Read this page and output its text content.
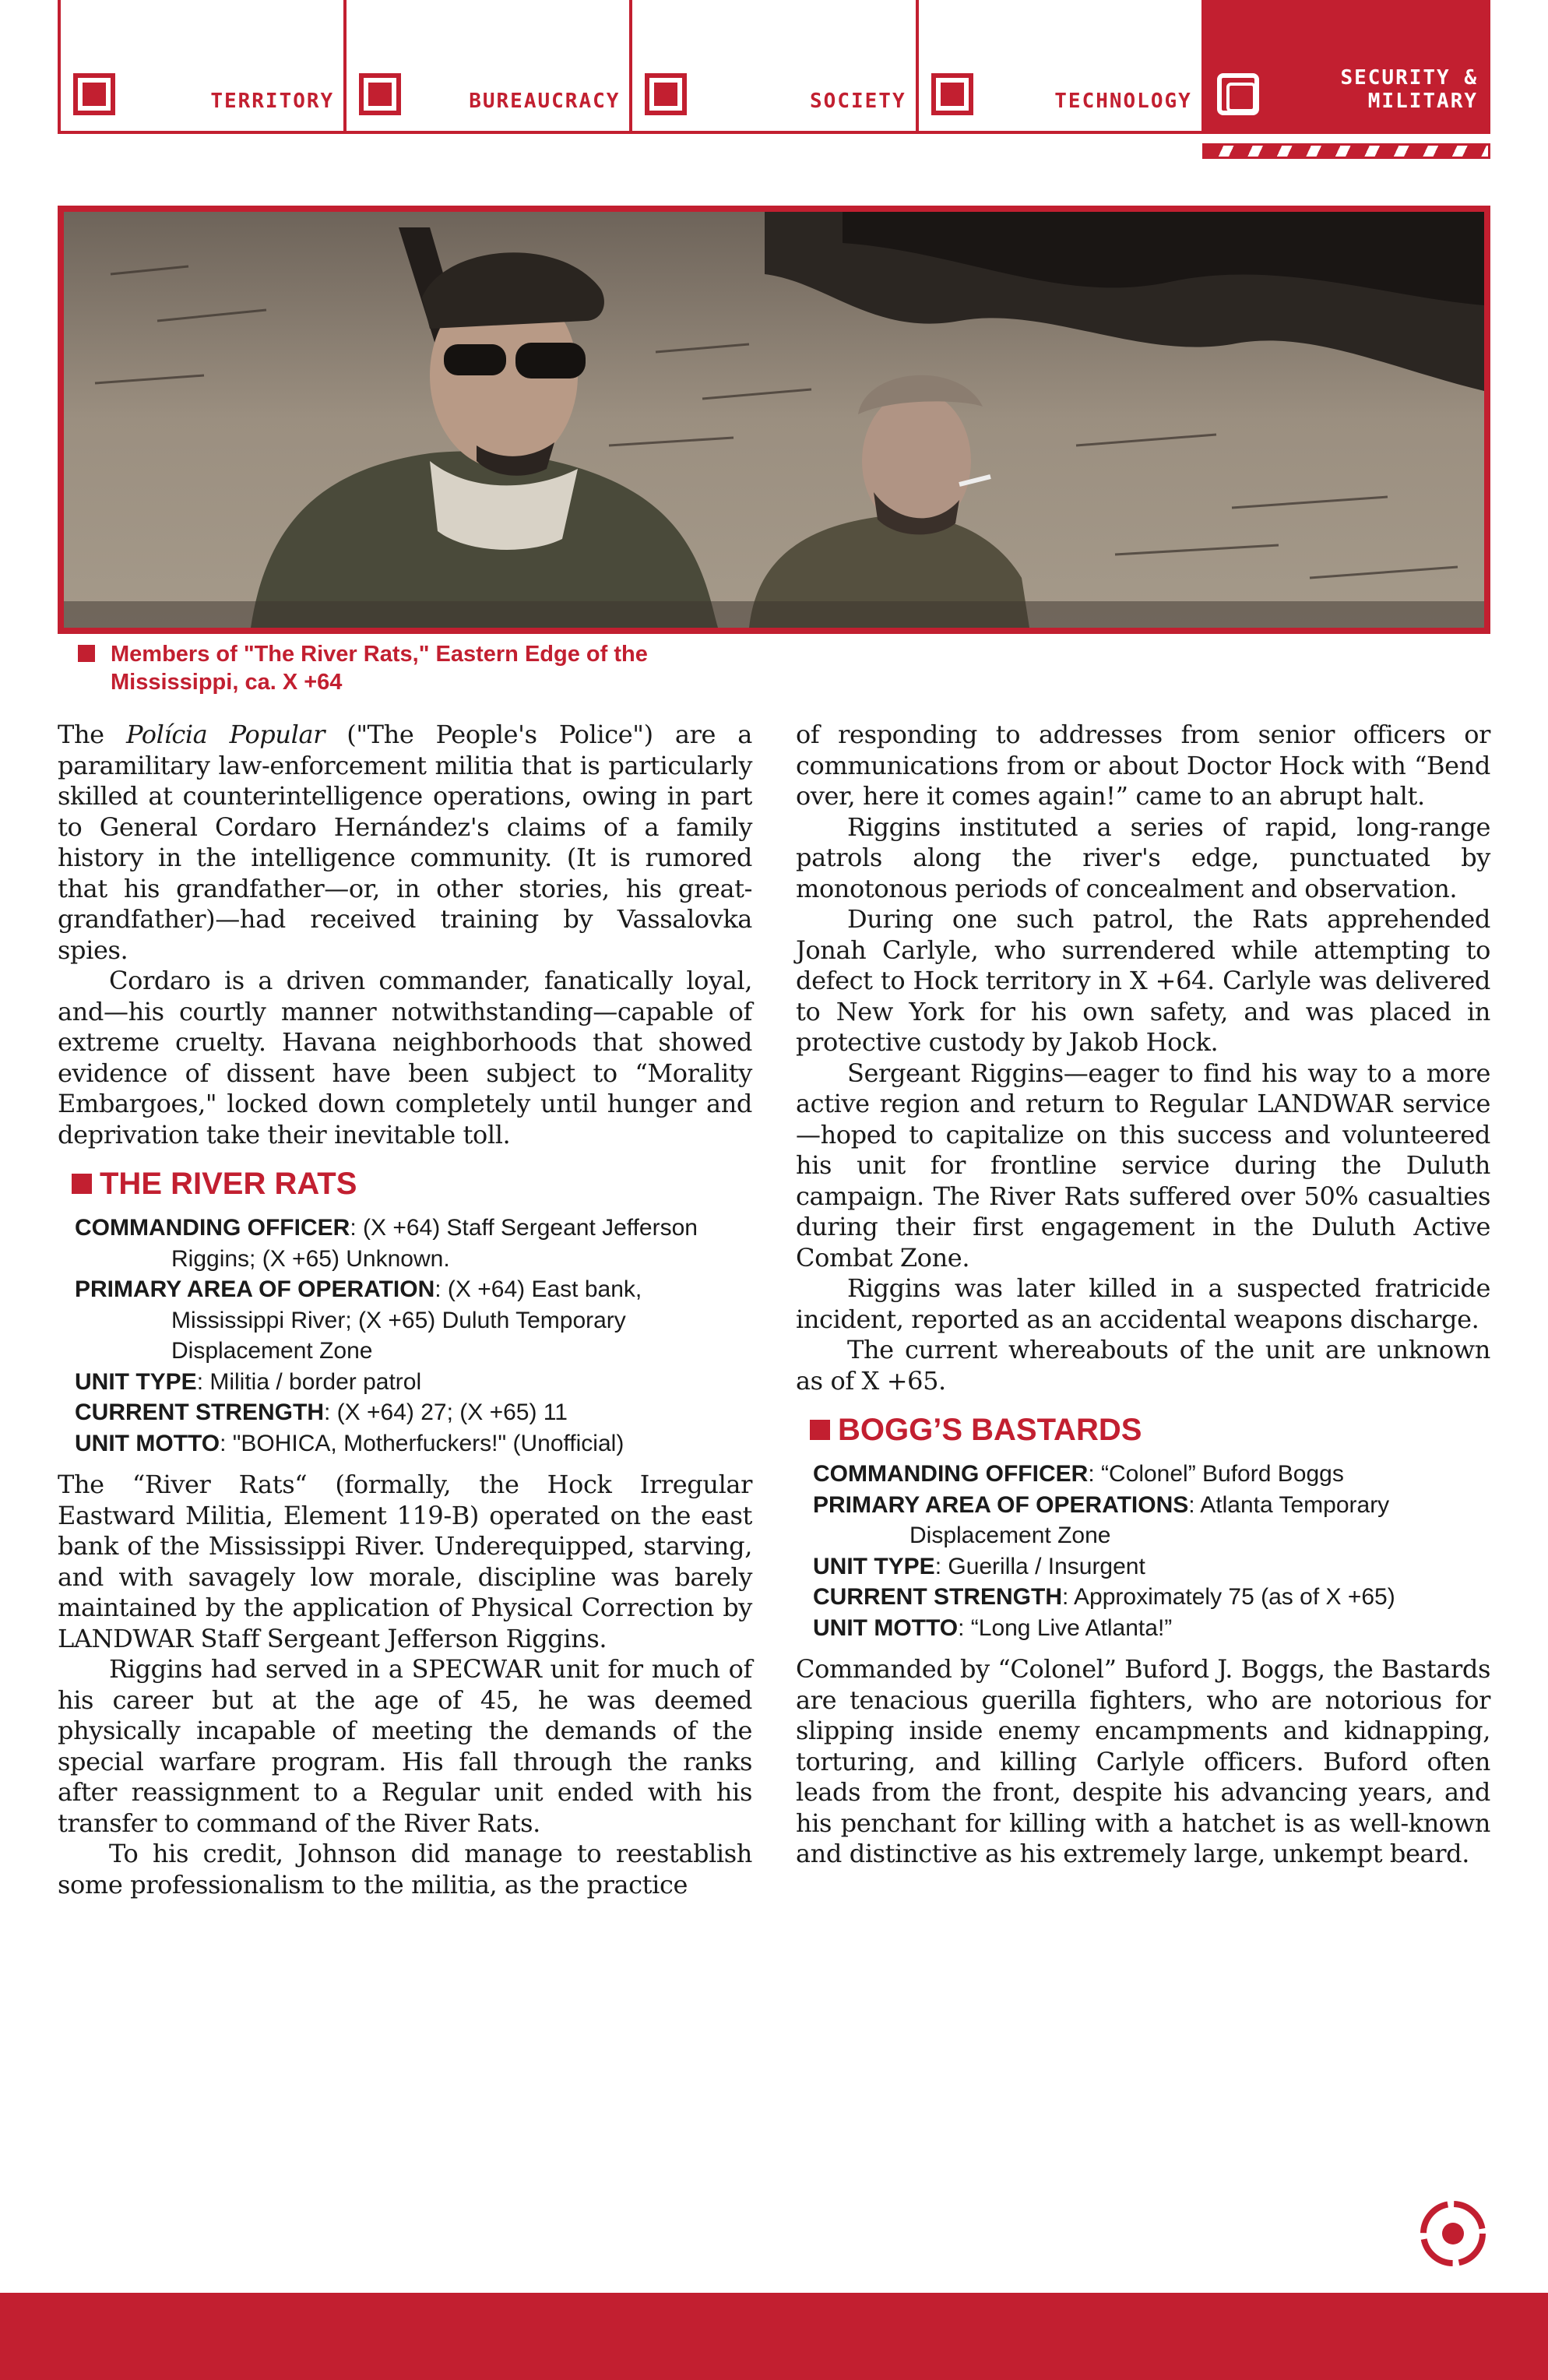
TERRITORY	BUREAUCRACY	SOCIETY	TECHNOLOGY
SECURITY &
MILITARY
Members of "The River Rats," Eastern Edge of the Mississippi, ca. X +64

The Polícia Popular ("The People's Police") are a paramilitary law-enforcement militia that is particularly skilled at counterintelligence operations, owing in part to General Cordaro Hernández's claims of a family history in the intelligence community. (It is rumored that his grandfather—or, in other stories, his great-grandfather)—had received training by Vassalovka spies.

Cordaro is a driven commander, fanatically loyal, and—his courtly manner notwithstanding—capable of extreme cruelty. Havana neighborhoods that showed evidence of dissent have been subject to “Morality Embargoes," locked down completely until hunger and deprivation take their inevitable toll.

THE RIVER RATS
COMMANDING OFFICER: (X +64) Staff Sergeant Jefferson Riggins; (X +65) Unknown.
PRIMARY AREA OF OPERATION: (X +64) East bank, Mississippi River; (X +65) Duluth Temporary Displacement Zone
UNIT TYPE: Militia / border patrol
CURRENT STRENGTH: (X +64) 27; (X +65) 11
UNIT MOTTO: "BOHICA, Motherfuckers!" (Unofficial)

The “River Rats“ (formally, the Hock Irregular Eastward Militia, Element 119-B) operated on the east bank of the Mississippi River. Underequipped, starving, and with savagely low morale, discipline was barely maintained by the application of Physical Correction by LANDWAR Staff Sergeant Jefferson Riggins.

Riggins had served in a SPECWAR unit for much of his career but at the age of 45, he was deemed physically incapable of meeting the demands of the special warfare program. His fall through the ranks after reassignment to a Regular unit ended with his transfer to command of the River Rats.

To his credit, Johnson did manage to reestablish some professionalism to the militia, as the practice

of responding to addresses from senior officers or communications from or about Doctor Hock with “Bend over, here it comes again!” came to an abrupt halt.

Riggins instituted a series of rapid, long-range patrols along the river's edge, punctuated by monotonous periods of concealment and observation.

During one such patrol, the Rats apprehended Jonah Carlyle, who surrendered while attempting to defect to Hock territory in X +64. Carlyle was delivered to New York for his own safety, and was placed in protective custody by Jakob Hock.

Sergeant Riggins—eager to find his way to a more active region and return to Regular LANDWAR service—hoped to capitalize on this success and volunteered his unit for frontline service during the Duluth campaign. The River Rats suffered over 50% casualties during their first engagement in the Duluth Active Combat Zone.

Riggins was later killed in a suspected fratricide incident, reported as an accidental weapons discharge.

The current whereabouts of the unit are unknown as of X +65.

BOGG’S BASTARDS
COMMANDING OFFICER: “Colonel” Buford Boggs
PRIMARY AREA OF OPERATIONS: Atlanta Temporary Displacement Zone
UNIT TYPE: Guerilla / Insurgent
CURRENT STRENGTH: Approximately 75 (as of X +65)
UNIT MOTTO: “Long Live Atlanta!”

Commanded by “Colonel” Buford J. Boggs, the Bastards are tenacious guerilla fighters, who are notorious for slipping inside enemy encampments and kidnapping, torturing, and killing Carlyle officers. Buford often leads from the front, despite his advancing years, and his penchant for killing with a hatchet is as well-known and distinctive as his extremely large, unkempt beard.
